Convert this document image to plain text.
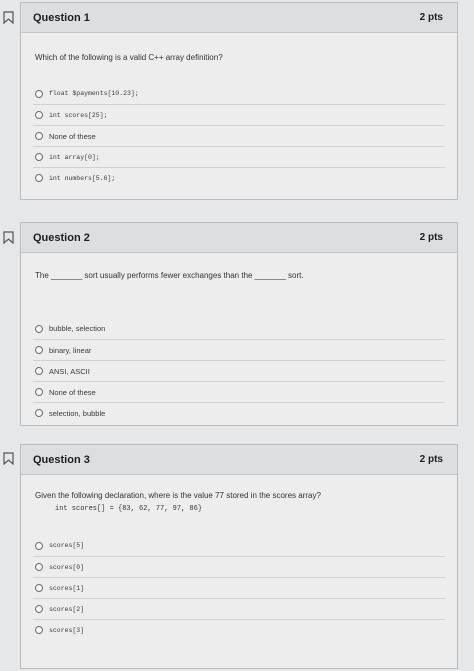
Question 1	2 pts
Which of the following is a valid C++ array definition?
float $payments[10.23];
int scores[25];
None of these
int array[0];
int numbers[5.6];
Question 2	2 pts
The _______ sort usually performs fewer exchanges than the _______ sort.
bubble, selection
binary, linear
ANSI, ASCII
None of these
selection, bubble
Question 3	2 pts
Given the following declaration, where is the value 77 stored in the scores array?
int scores[] = {83, 62, 77, 97, 86}
scores[5]
scores[0]
scores[1]
scores[2]
scores[3]
